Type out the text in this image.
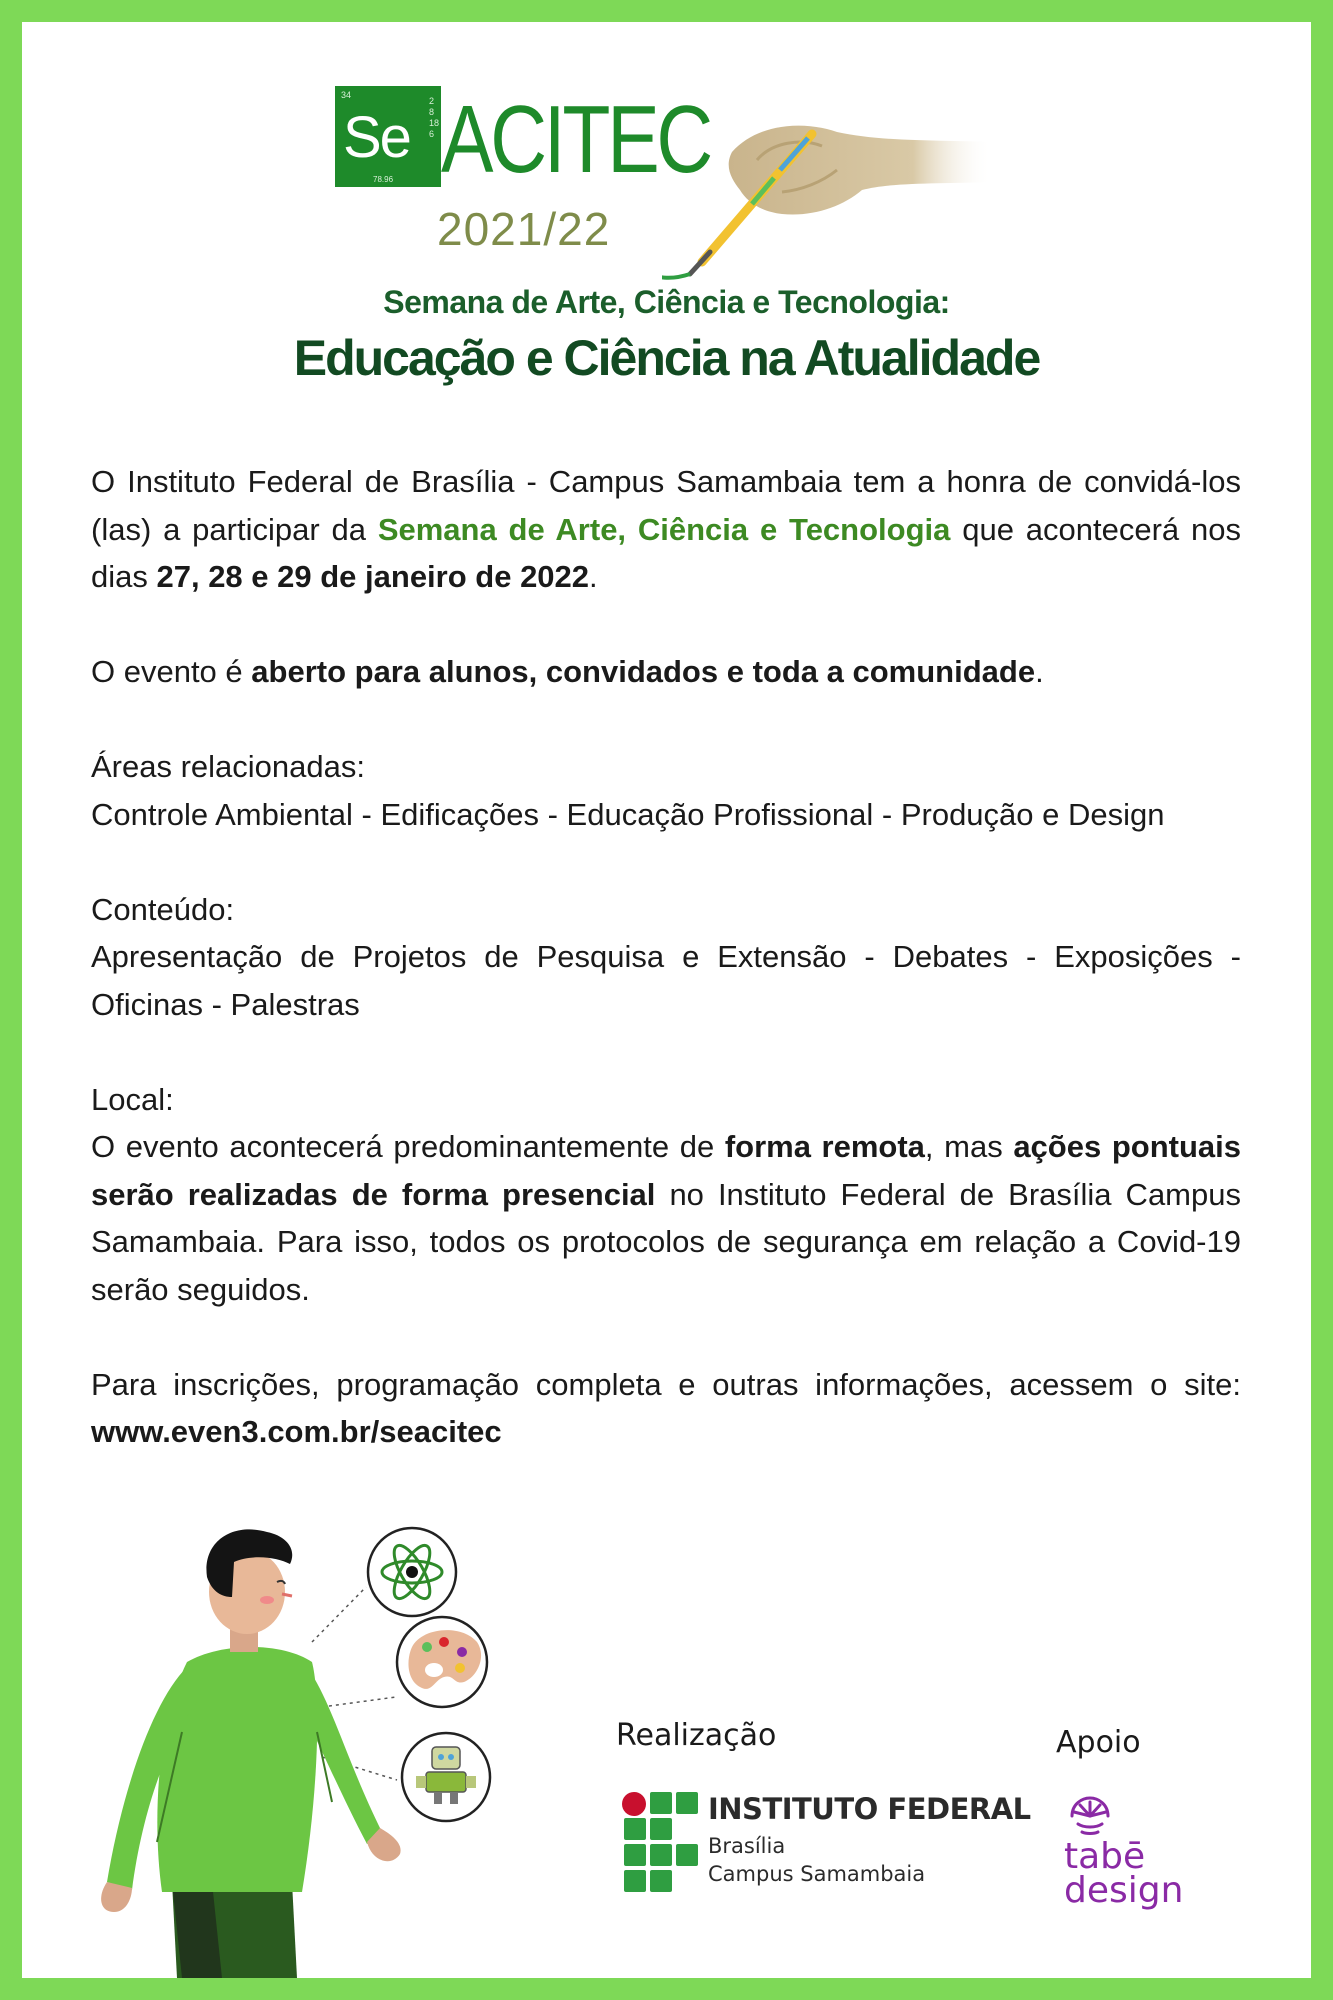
34
2 8 18 6
Se
78.96 ACITEC
2021/22
Semana de Arte, Ciência e Tecnologia:
Educação e Ciência na Atualidade

O Instituto Federal de Brasília - Campus Samambaia tem a honra de convidá-los (las) a participar da Semana de Arte, Ciência e Tecnologia que acontecerá nos dias 27, 28 e 29 de janeiro de 2022.

O evento é aberto para alunos, convidados e toda a comunidade.

Áreas relacionadas:

Controle Ambiental - Edificações - Educação Profissional - Produção e Design

Conteúdo:

Apresentação de Projetos de Pesquisa e Extensão - Debates - Exposições - Oficinas - Palestras

Local:

O evento acontecerá predominantemente de forma remota, mas ações pontuais serão realizadas de forma presencial no Instituto Federal de Brasília Campus Samambaia. Para isso, todos os protocolos de segurança em relação a Covid-19 serão seguidos.

Para inscrições, programação completa e outras informações, acessem o site: www.even3.com.br/seacitec

Realização	Apoio
INSTITUTO FEDERAL
Brasília
Campus Samambaia	tabē
design
